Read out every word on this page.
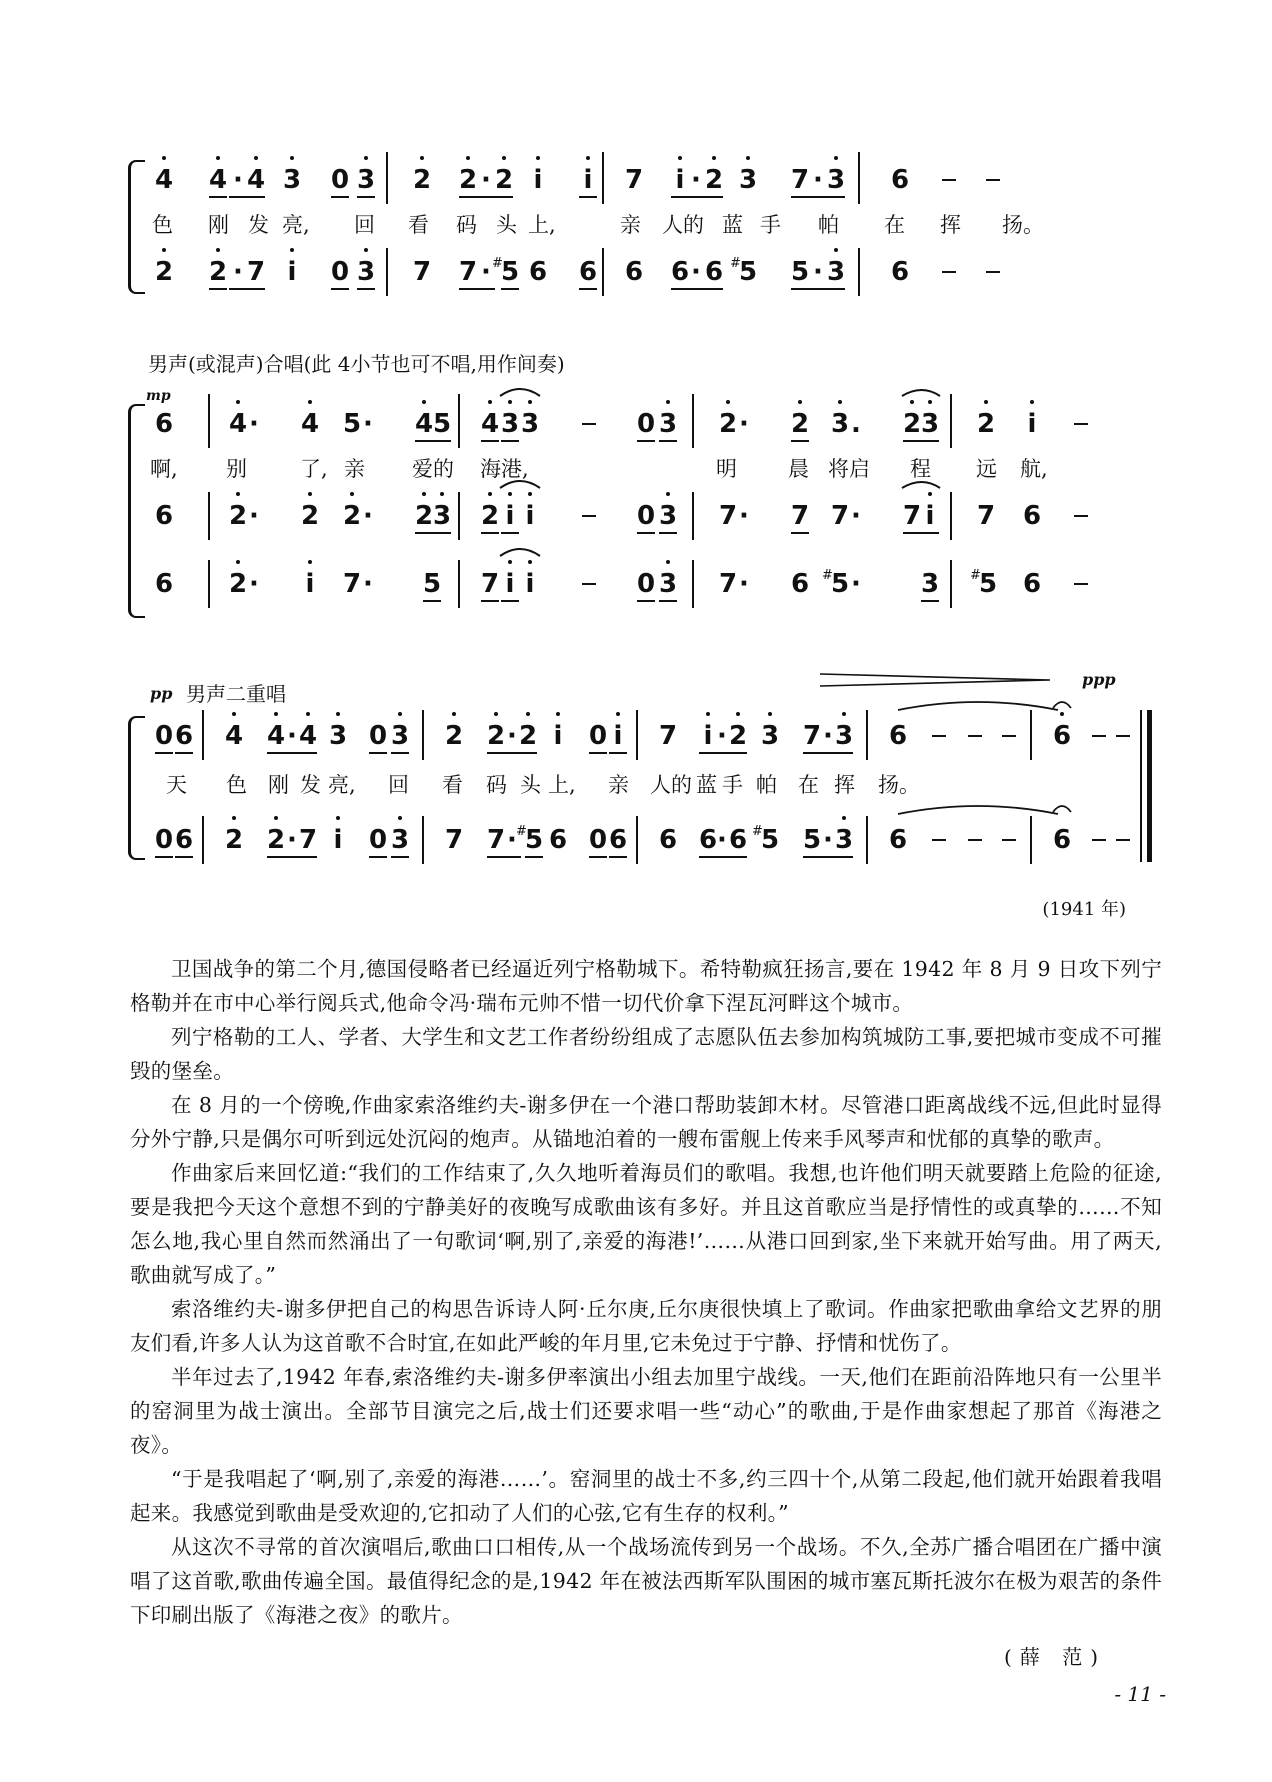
4 4 · 4 3 0 3 2 2 · 2 i i 7 i · 2 3 7 · 3 6
色 刚 发 亮, 回 看 码 头 上,	亲 人的 蓝 手 帕 在 挥 扬。
2 2 · 7 i 0 3 7 7 · # 5 6 6 6 6 · 6 # 5 5 · 3 6
男声(或混声)合唱(此 4小节也可不唱,用作间奏)
mp
6 4 · 4 5 · 4 5 4 3 3	0 3 2 · 2 3 . 2 3 2 i
啊, 别	了, 亲 爱的 海港,	明 晨 将启 程 远 航,
6 2 · 2 2 · 2 3 2 i i	0 3 7 · 7 7 · 7 i 7 6
6 2 · i 7 · 5 7 i i	0 3 7 · 6 # 5 · 3 # 5 6
pp 男声二重唱
ppp
0 6 4 4 · 4 3 0 3 2 2 · 2 i 0 i 7 i · 2 3 7 · 3 6	6
天 色 刚 发 亮, 回 看 码 头 上, 亲 人的 蓝 手 帕 在 挥 扬。
0 6 2 2 · 7 i 0 3 7 7 · # 5 6 0 6 6 6 · 6 # 5 5 · 3 6	6
(1941 年)

卫国战争的第二个月,德国侵略者已经逼近列宁格勒城下。希特勒疯狂扬言,要在 1942 年 8 月 9 日攻下列宁格勒并在市中心举行阅兵式,他命令冯·瑞布元帅不惜一切代价拿下涅瓦河畔这个城市。

列宁格勒的工人、学者、大学生和文艺工作者纷纷组成了志愿队伍去参加构筑城防工事,要把城市变成不可摧毁的堡垒。

在 8 月的一个傍晚,作曲家索洛维约夫-谢多伊在一个港口帮助装卸木材。尽管港口距离战线不远,但此时显得分外宁静,只是偶尔可听到远处沉闷的炮声。从锚地泊着的一艘布雷舰上传来手风琴声和忧郁的真挚的歌声。

作曲家后来回忆道:“我们的工作结束了,久久地听着海员们的歌唱。我想,也许他们明天就要踏上危险的征途,要是我把今天这个意想不到的宁静美好的夜晚写成歌曲该有多好。并且这首歌应当是抒情性的或真挚的……不知怎么地,我心里自然而然涌出了一句歌词‘啊,别了,亲爱的海港!’……从港口回到家,坐下来就开始写曲。用了两天,歌曲就写成了。”

索洛维约夫-谢多伊把自己的构思告诉诗人阿·丘尔庚,丘尔庚很快填上了歌词。作曲家把歌曲拿给文艺界的朋友们看,许多人认为这首歌不合时宜,在如此严峻的年月里,它未免过于宁静、抒情和忧伤了。

半年过去了,1942 年春,索洛维约夫-谢多伊率演出小组去加里宁战线。一天,他们在距前沿阵地只有一公里半的窑洞里为战士演出。全部节目演完之后,战士们还要求唱一些“动心”的歌曲,于是作曲家想起了那首《海港之夜》。

“于是我唱起了‘啊,别了,亲爱的海港……’。窑洞里的战士不多,约三四十个,从第二段起,他们就开始跟着我唱起来。我感觉到歌曲是受欢迎的,它扣动了人们的心弦,它有生存的权利。”

从这次不寻常的首次演唱后,歌曲口口相传,从一个战场流传到另一个战场。不久,全苏广播合唱团在广播中演唱了这首歌,歌曲传遍全国。最值得纪念的是,1942 年在被法西斯军队围困的城市塞瓦斯托波尔在极为艰苦的条件下印刷出版了《海港之夜》的歌片。

(薛 范)
- 11 -
